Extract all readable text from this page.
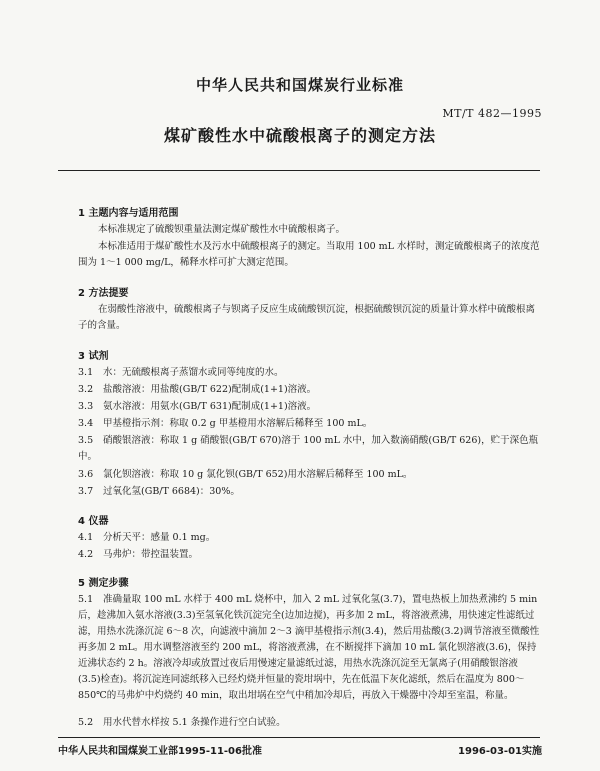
中华人民共和国煤炭行业标准
MT/T 482—1995
煤矿酸性水中硫酸根离子的测定方法
1 主题内容与适用范围

本标准规定了硫酸钡重量法测定煤矿酸性水中硫酸根离子。

本标准适用于煤矿酸性水及污水中硫酸根离子的测定。当取用 100 mL 水样时，测定硫酸根离子的浓度范围为 1～1 000 mg/L，稀释水样可扩大测定范围。

2 方法提要

在弱酸性溶液中，硫酸根离子与钡离子反应生成硫酸钡沉淀，根据硫酸钡沉淀的质量计算水样中硫酸根离子的含量。

3 试剂

3.1 水：无硫酸根离子蒸馏水或同等纯度的水。

3.2 盐酸溶液：用盐酸(GB/T 622)配制成(1+1)溶液。

3.3 氨水溶液：用氨水(GB/T 631)配制成(1+1)溶液。

3.4 甲基橙指示剂：称取 0.2 g 甲基橙用水溶解后稀释至 100 mL。

3.5 硝酸银溶液：称取 1 g 硝酸银(GB/T 670)溶于 100 mL 水中，加入数滴硝酸(GB/T 626)，贮于深色瓶中。

3.6 氯化钡溶液：称取 10 g 氯化钡(GB/T 652)用水溶解后稀释至 100 mL。

3.7 过氧化氢(GB/T 6684)：30%。

4 仪器

4.1 分析天平：感量 0.1 mg。

4.2 马弗炉：带控温装置。

5 测定步骤

5.1 准确量取 100 mL 水样于 400 mL 烧杯中，加入 2 mL 过氧化氢(3.7)，置电热板上加热煮沸约 5 min后，趁沸加入氨水溶液(3.3)至氢氧化铁沉淀完全(边加边搅)，再多加 2 mL，将溶液煮沸，用快速定性滤纸过滤，用热水洗涤沉淀 6～8 次，向滤液中滴加 2～3 滴甲基橙指示剂(3.4)，然后用盐酸(3.2)调节溶液至微酸性再多加 2 mL。用水调整溶液至约 200 mL，将溶液煮沸，在不断搅拌下滴加 10 mL 氯化钡溶液(3.6)，保持近沸状态约 2 h。溶液冷却或放置过夜后用慢速定量滤纸过滤，用热水洗涤沉淀至无氯离子(用硝酸银溶液(3.5)检查)。将沉淀连同滤纸移入已经灼烧并恒量的瓷坩埚中，先在低温下灰化滤纸，然后在温度为 800～850℃的马弗炉中灼烧约 40 min，取出坩埚在空气中稍加冷却后，再放入干燥器中冷却至室温，称量。

5.2 用水代替水样按 5.1 条操作进行空白试验。

中华人民共和国煤炭工业部1995-11-06批准	1996-03-01实施
